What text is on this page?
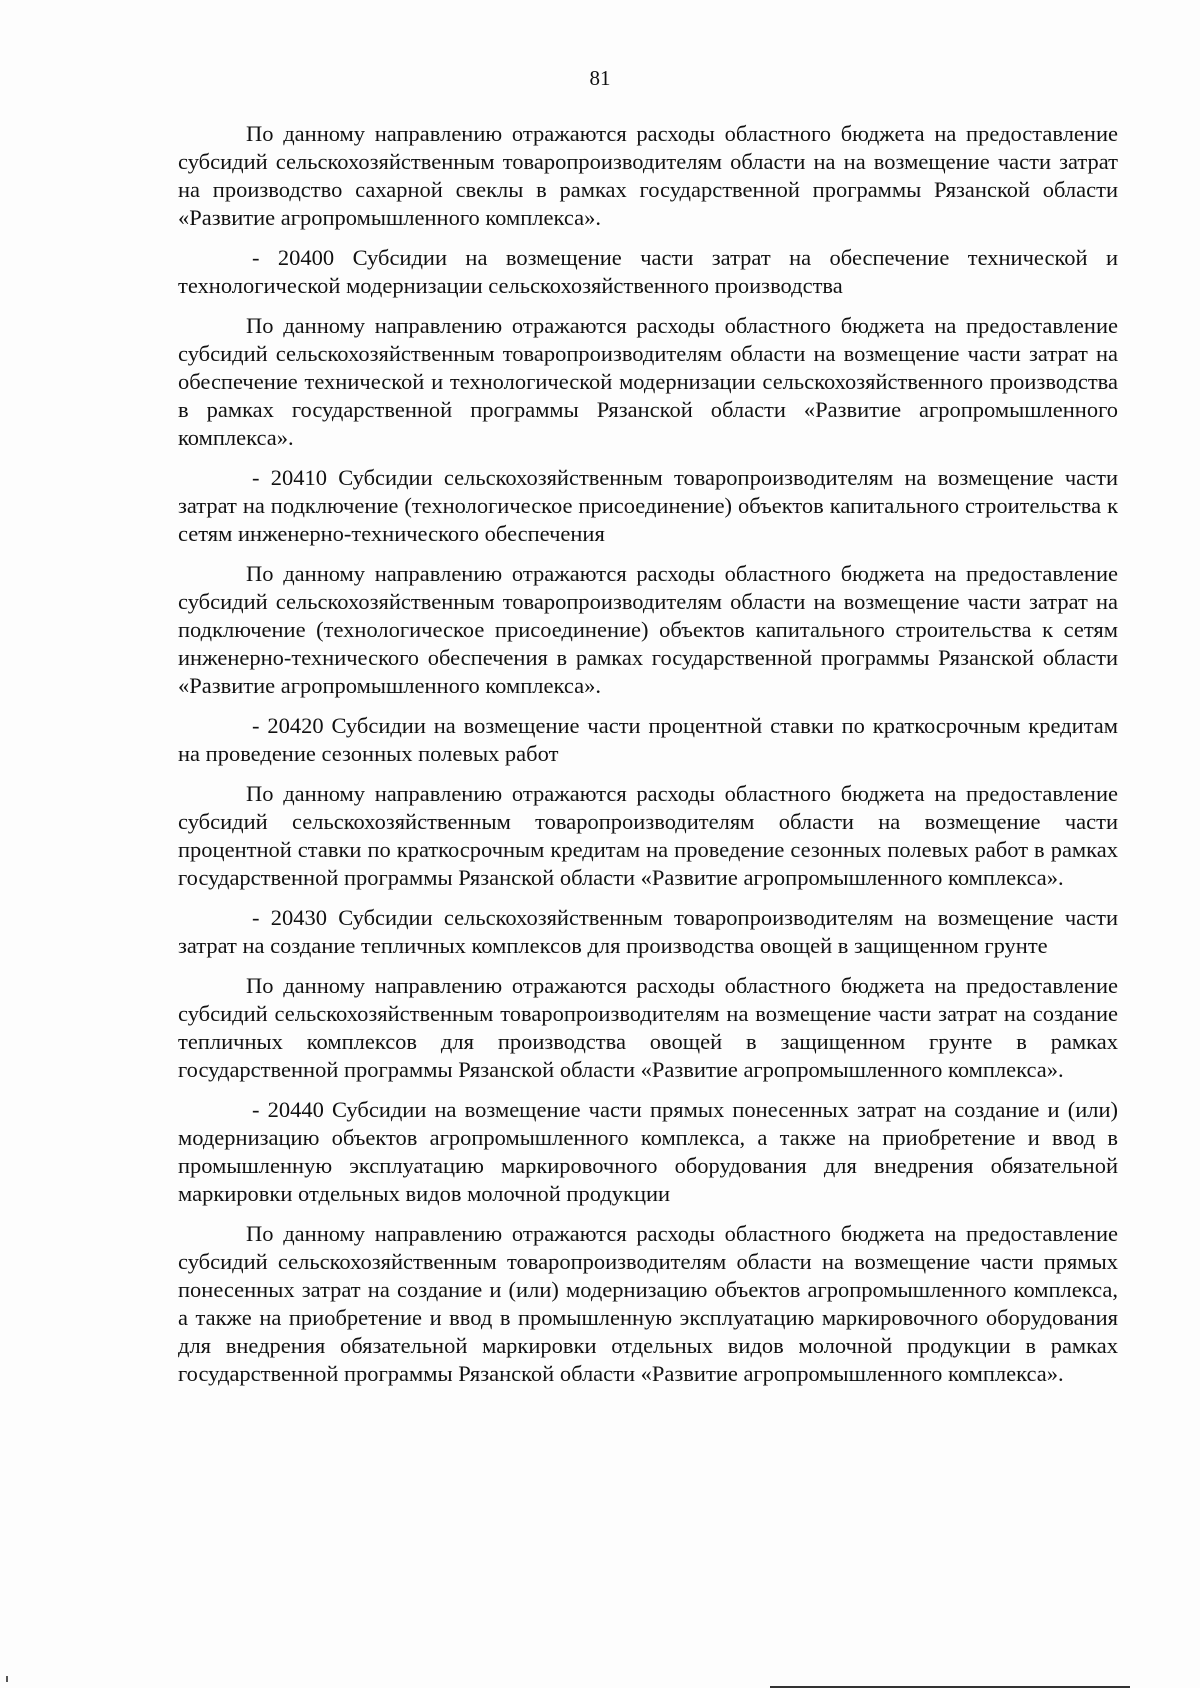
81

По данному направлению отражаются расходы областного бюджета на предоставление субсидий сельскохозяйственным товаропроизводителям области на на возмещение части затрат на производство сахарной свеклы в рамках государственной программы Рязанской области «Развитие агропромышленного комплекса».

- 20400 Субсидии на возмещение части затрат на обеспечение технической и технологической модернизации сельскохозяйственного производства

По данному направлению отражаются расходы областного бюджета на предоставление субсидий сельскохозяйственным товаропроизводителям области на возмещение части затрат на обеспечение технической и технологической модернизации сельскохозяйственного производства в рамках государственной программы Рязанской области «Развитие агропромышленного комплекса».

- 20410 Субсидии сельскохозяйственным товаропроизводителям на возмещение части затрат на подключение (технологическое присоединение) объектов капитального строительства к сетям инженерно-технического обеспечения

По данному направлению отражаются расходы областного бюджета на предоставление субсидий сельскохозяйственным товаропроизводителям области на возмещение части затрат на подключение (технологическое присоединение) объектов капитального строительства к сетям инженерно-технического обеспечения в рамках государственной программы Рязанской области «Развитие агропромышленного комплекса».

- 20420 Субсидии на возмещение части процентной ставки по краткосрочным кредитам на проведение сезонных полевых работ

По данному направлению отражаются расходы областного бюджета на предоставление субсидий сельскохозяйственным товаропроизводителям области на возмещение части процентной ставки по краткосрочным кредитам на проведение сезонных полевых работ в рамках государственной программы Рязанской области «Развитие агропромышленного комплекса».

- 20430 Субсидии сельскохозяйственным товаропроизводителям на возмещение части затрат на создание тепличных комплексов для производства овощей в защищенном грунте

По данному направлению отражаются расходы областного бюджета на предоставление субсидий сельскохозяйственным товаропроизводителям на возмещение части затрат на создание тепличных комплексов для производства овощей в защищенном грунте в рамках государственной программы Рязанской области «Развитие агропромышленного комплекса».

- 20440 Субсидии на возмещение части прямых понесенных затрат на создание и (или) модернизацию объектов агропромышленного комплекса, а также на приобретение и ввод в промышленную эксплуатацию маркировочного оборудования для внедрения обязательной маркировки отдельных видов молочной продукции

По данному направлению отражаются расходы областного бюджета на предоставление субсидий сельскохозяйственным товаропроизводителям области на возмещение части прямых понесенных затрат на создание и (или) модернизацию объектов агропромышленного комплекса, а также на приобретение и ввод в промышленную эксплуатацию маркировочного оборудования для внедрения обязательной маркировки отдельных видов молочной продукции в рамках государственной программы Рязанской области «Развитие агропромышленного комплекса».
